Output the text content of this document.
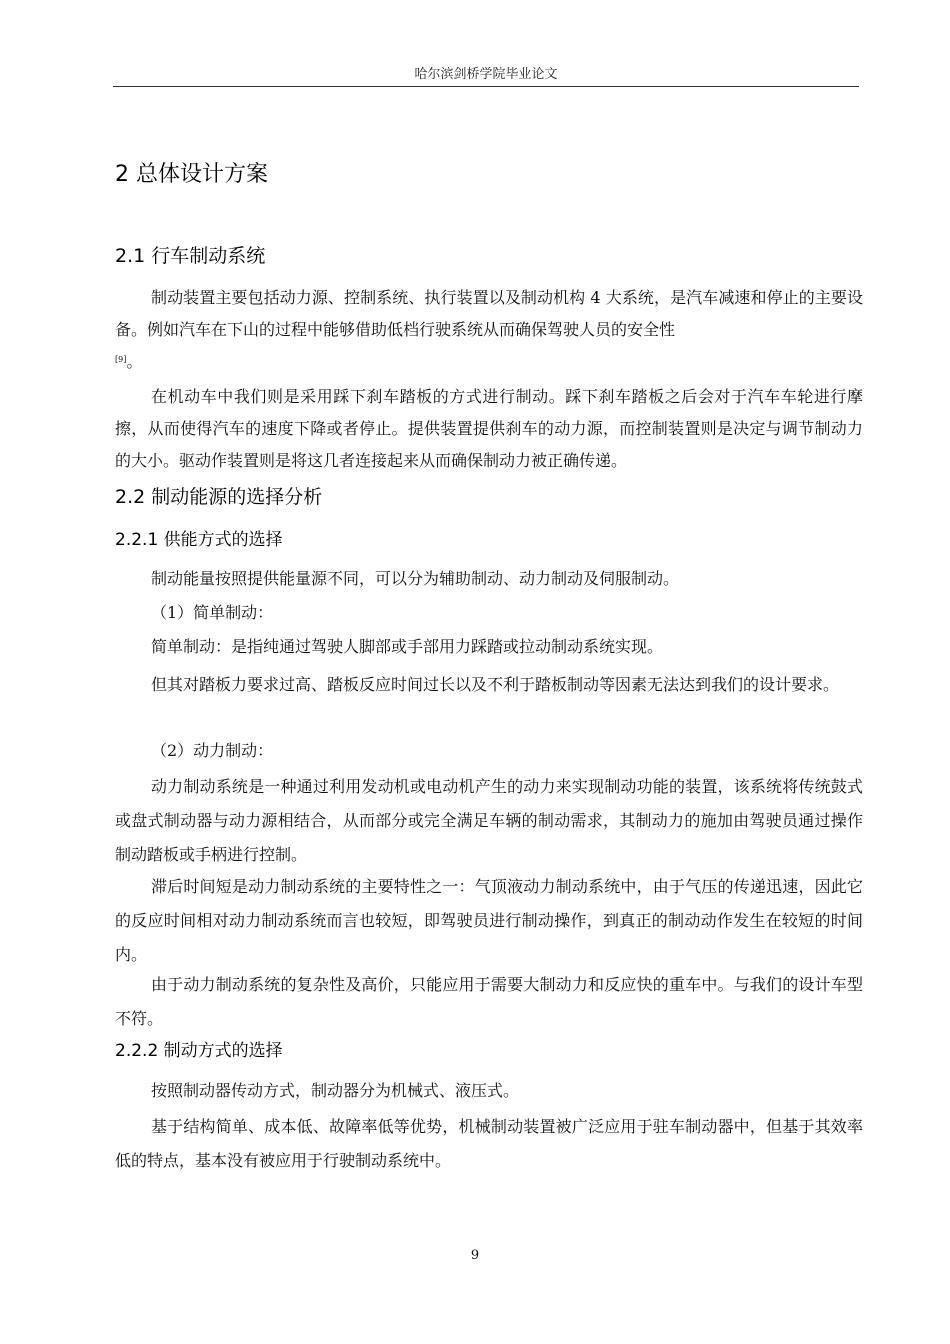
哈尔滨剑桥学院毕业论文
2 总体设计方案
2.1 行车制动系统

制动装置主要包括动力源、控制系统、执行装置以及制动机构 4 大系统，是汽车减速和停止的主要设备。例如汽车在下山的过程中能够借助低档行驶系统从而确保驾驶人员的安全性
[9]。

在机动车中我们则是采用踩下刹车踏板的方式进行制动。踩下刹车踏板之后会对于汽车车轮进行摩擦，从而使得汽车的速度下降或者停止。提供装置提供刹车的动力源，而控制装置则是决定与调节制动力的大小。驱动作装置则是将这几者连接起来从而确保制动力被正确传递。

2.2 制动能源的选择分析
2.2.1 供能方式的选择

制动能量按照提供能量源不同，可以分为辅助制动、动力制动及伺服制动。

（1）简单制动：

简单制动：是指纯通过驾驶人脚部或手部用力踩踏或拉动制动系统实现。

但其对踏板力要求过高、踏板反应时间过长以及不利于踏板制动等因素无法达到我们的设计要求。

（2）动力制动：

动力制动系统是一种通过利用发动机或电动机产生的动力来实现制动功能的装置，该系统将传统鼓式或盘式制动器与动力源相结合，从而部分或完全满足车辆的制动需求，其制动力的施加由驾驶员通过操作制动踏板或手柄进行控制。

滞后时间短是动力制动系统的主要特性之一：气顶液动力制动系统中，由于气压的传递迅速，因此它的反应时间相对动力制动系统而言也较短，即驾驶员进行制动操作，到真正的制动动作发生在较短的时间内。

由于动力制动系统的复杂性及高价，只能应用于需要大制动力和反应快的重车中。与我们的设计车型不符。

2.2.2 制动方式的选择

按照制动器传动方式，制动器分为机械式、液压式。

基于结构简单、成本低、故障率低等优势，机械制动装置被广泛应用于驻车制动器中，但基于其效率低的特点，基本没有被应用于行驶制动系统中。

9
